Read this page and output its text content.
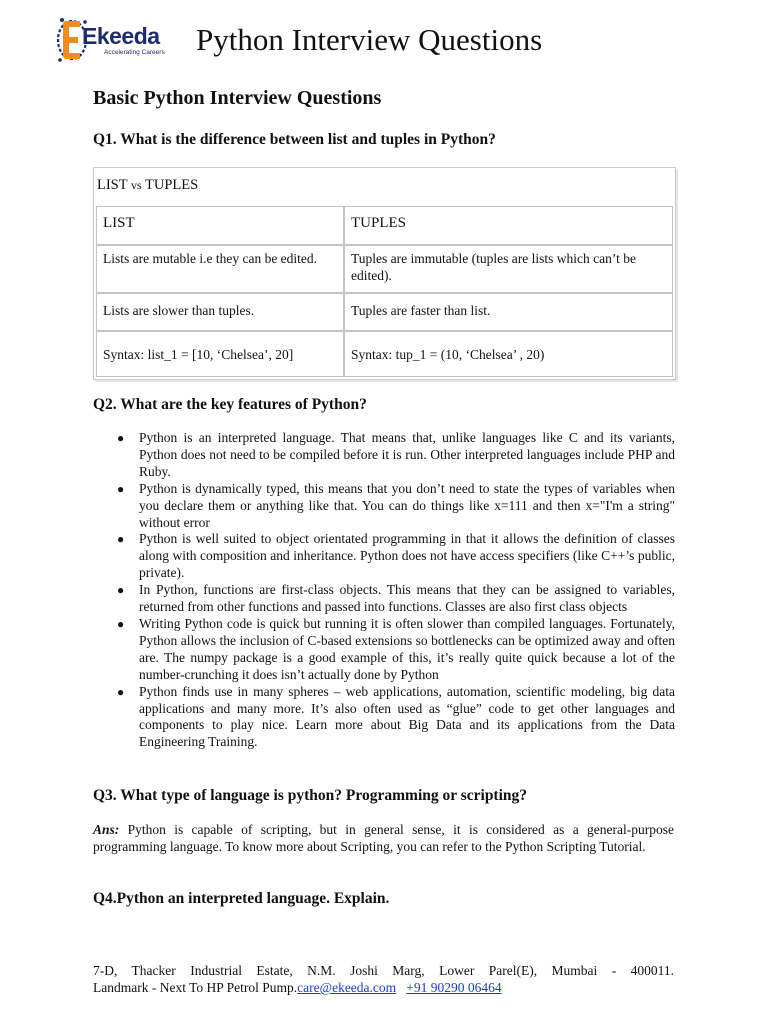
Ekeeda
Accelerating Careers Python Interview Questions
Basic Python Interview Questions

Q1. What is the difference between list and tuples in Python?

LIST vs TUPLES
LIST	TUPLES
Lists are mutable i.e they can be edited.	Tuples are immutable (tuples are lists which can’t be edited).
Lists are slower than tuples.	Tuples are faster than list.
Syntax: list_1 = [10, ‘Chelsea’, 20]	Syntax: tup_1 = (10, ‘Chelsea’ , 20)

Q2. What are the key features of Python?

● Python is an interpreted language. That means that, unlike languages like C and its variants, Python does not need to be compiled before it is run. Other interpreted languages include PHP and Ruby.
● Python is dynamically typed, this means that you don’t need to state the types of variables when you declare them or anything like that. You can do things like x=111 and then x="I'm a string" without error
● Python is well suited to object orientated programming in that it allows the definition of classes along with composition and inheritance. Python does not have access specifiers (like C++’s public, private).
● In Python, functions are first-class objects. This means that they can be assigned to variables, returned from other functions and passed into functions. Classes are also first class objects
● Writing Python code is quick but running it is often slower than compiled languages. Fortunately, Python allows the inclusion of C-based extensions so bottlenecks can be optimized away and often are. The numpy package is a good example of this, it’s really quite quick because a lot of the number-crunching it does isn’t actually done by Python
● Python finds use in many spheres – web applications, automation, scientific modeling, big data applications and many more. It’s also often used as “glue” code to get other languages and components to play nice. Learn more about Big Data and its applications from the Data Engineering Training.

Q3. What type of language is python? Programming or scripting?

Ans: Python is capable of scripting, but in general sense, it is considered as a general-purpose programming language. To know more about Scripting, you can refer to the Python Scripting Tutorial.

Q4.Python an interpreted language. Explain.

7-D, Thacker Industrial Estate, N.M. Joshi Marg, Lower Parel(E), Mumbai - 400011.
Landmark - Next To HP Petrol Pump.care@ekeeda.com +91 90290 06464
